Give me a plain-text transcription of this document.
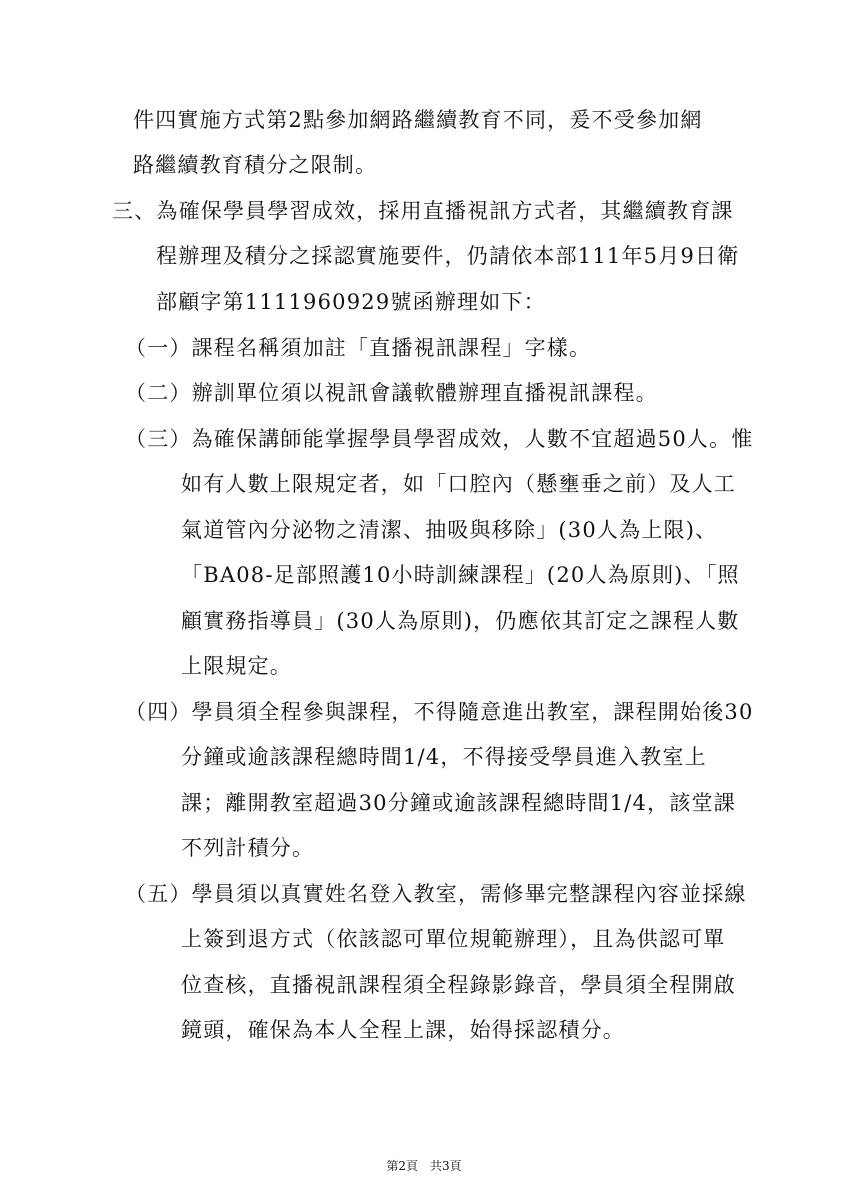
件四實施方式第2點參加網路繼續教育不同，爰不受參加網
路繼續教育積分之限制。
三、為確保學員學習成效，採用直播視訊方式者，其繼續教育課
程辦理及積分之採認實施要件，仍請依本部111年5月9日衛
部顧字第1111960929號函辦理如下：
（一）課程名稱須加註「直播視訊課程」字樣。
（二）辦訓單位須以視訊會議軟體辦理直播視訊課程。
（三）為確保講師能掌握學員學習成效，人數不宜超過50人。惟
如有人數上限規定者，如「口腔內（懸壅垂之前）及人工
氣道管內分泌物之清潔、抽吸與移除」(30人為上限)、
「BA08-足部照護10小時訓練課程」(20人為原則)、「照
顧實務指導員」(30人為原則)，仍應依其訂定之課程人數
上限規定。
（四）學員須全程參與課程，不得隨意進出教室，課程開始後30
分鐘或逾該課程總時間1/4，不得接受學員進入教室上
課；離開教室超過30分鐘或逾該課程總時間1/4，該堂課
不列計積分。
（五）學員須以真實姓名登入教室，需修畢完整課程內容並採線
上簽到退方式（依該認可單位規範辦理），且為供認可單
位查核，直播視訊課程須全程錄影錄音，學員須全程開啟
鏡頭，確保為本人全程上課，始得採認積分。
第2頁　共3頁
